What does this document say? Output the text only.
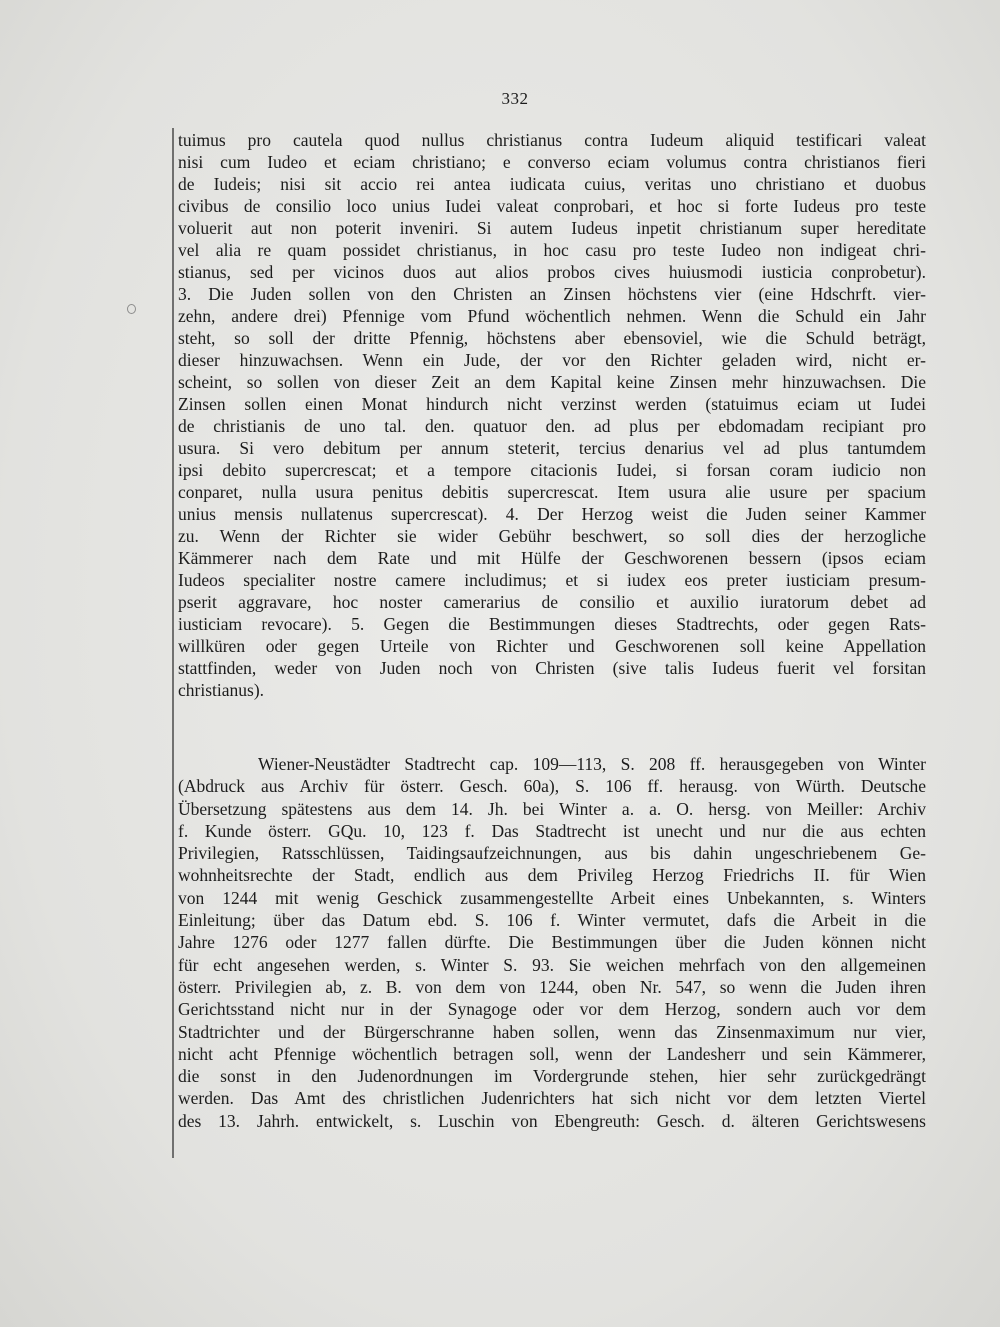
332
tuimus pro cautela quod nullus christianus contra Iudeum aliquid testificari valeat
nisi cum Iudeo et eciam christiano; e converso eciam volumus contra christianos fieri
de Iudeis; nisi sit accio rei antea iudicata cuius, veritas uno christiano et duobus
civibus de consilio loco unius Iudei valeat conprobari, et hoc si forte Iudeus pro teste
voluerit aut non poterit inveniri. Si autem Iudeus inpetit christianum super hereditate
vel alia re quam possidet christianus, in hoc casu pro teste Iudeo non indigeat chri-
stianus, sed per vicinos duos aut alios probos cives huiusmodi iusticia conprobetur).
3. Die Juden sollen von den Christen an Zinsen höchstens vier (eine Hdschrft. vier-
zehn, andere drei) Pfennige vom Pfund wöchentlich nehmen. Wenn die Schuld ein Jahr
steht, so soll der dritte Pfennig, höchstens aber ebensoviel, wie die Schuld beträgt,
dieser hinzuwachsen. Wenn ein Jude, der vor den Richter geladen wird, nicht er-
scheint, so sollen von dieser Zeit an dem Kapital keine Zinsen mehr hinzuwachsen. Die
Zinsen sollen einen Monat hindurch nicht verzinst werden (statuimus eciam ut Iudei
de christianis de uno tal. den. quatuor den. ad plus per ebdomadam recipiant pro
usura. Si vero debitum per annum steterit, tercius denarius vel ad plus tantumdem
ipsi debito supercrescat; et a tempore citacionis Iudei, si forsan coram iudicio non
conparet, nulla usura penitus debitis supercrescat. Item usura alie usure per spacium
unius mensis nullatenus supercrescat). 4. Der Herzog weist die Juden seiner Kammer
zu. Wenn der Richter sie wider Gebühr beschwert, so soll dies der herzogliche
Kämmerer nach dem Rate und mit Hülfe der Geschworenen bessern (ipsos eciam
Iudeos specialiter nostre camere includimus; et si iudex eos preter iusticiam presum-
pserit aggravare, hoc noster camerarius de consilio et auxilio iuratorum debet ad
iusticiam revocare). 5. Gegen die Bestimmungen dieses Stadtrechts, oder gegen Rats-
willküren oder gegen Urteile von Richter und Geschworenen soll keine Appellation
stattfinden, weder von Juden noch von Christen (sive talis Iudeus fuerit vel forsitan
christianus).
Wiener-Neustädter Stadtrecht cap. 109—113, S. 208 ff. herausgegeben von Winter
(Abdruck aus Archiv für österr. Gesch. 60a), S. 106 ff. herausg. von Würth. Deutsche
Übersetzung spätestens aus dem 14. Jh. bei Winter a. a. O. hersg. von Meiller: Archiv
f. Kunde österr. GQu. 10, 123 f. Das Stadtrecht ist unecht und nur die aus echten
Privilegien, Ratsschlüssen, Taidingsaufzeichnungen, aus bis dahin ungeschriebenem Ge-
wohnheitsrechte der Stadt, endlich aus dem Privileg Herzog Friedrichs II. für Wien
von 1244 mit wenig Geschick zusammengestellte Arbeit eines Unbekannten, s. Winters
Einleitung; über das Datum ebd. S. 106 f. Winter vermutet, dafs die Arbeit in die
Jahre 1276 oder 1277 fallen dürfte. Die Bestimmungen über die Juden können nicht
für echt angesehen werden, s. Winter S. 93. Sie weichen mehrfach von den allgemeinen
österr. Privilegien ab, z. B. von dem von 1244, oben Nr. 547, so wenn die Juden ihren
Gerichtsstand nicht nur in der Synagoge oder vor dem Herzog, sondern auch vor dem
Stadtrichter und der Bürgerschranne haben sollen, wenn das Zinsenmaximum nur vier,
nicht acht Pfennige wöchentlich betragen soll, wenn der Landesherr und sein Kämmerer,
die sonst in den Judenordnungen im Vordergrunde stehen, hier sehr zurückgedrängt
werden. Das Amt des christlichen Judenrichters hat sich nicht vor dem letzten Viertel
des 13. Jahrh. entwickelt, s. Luschin von Ebengreuth: Gesch. d. älteren Gerichtswesens
